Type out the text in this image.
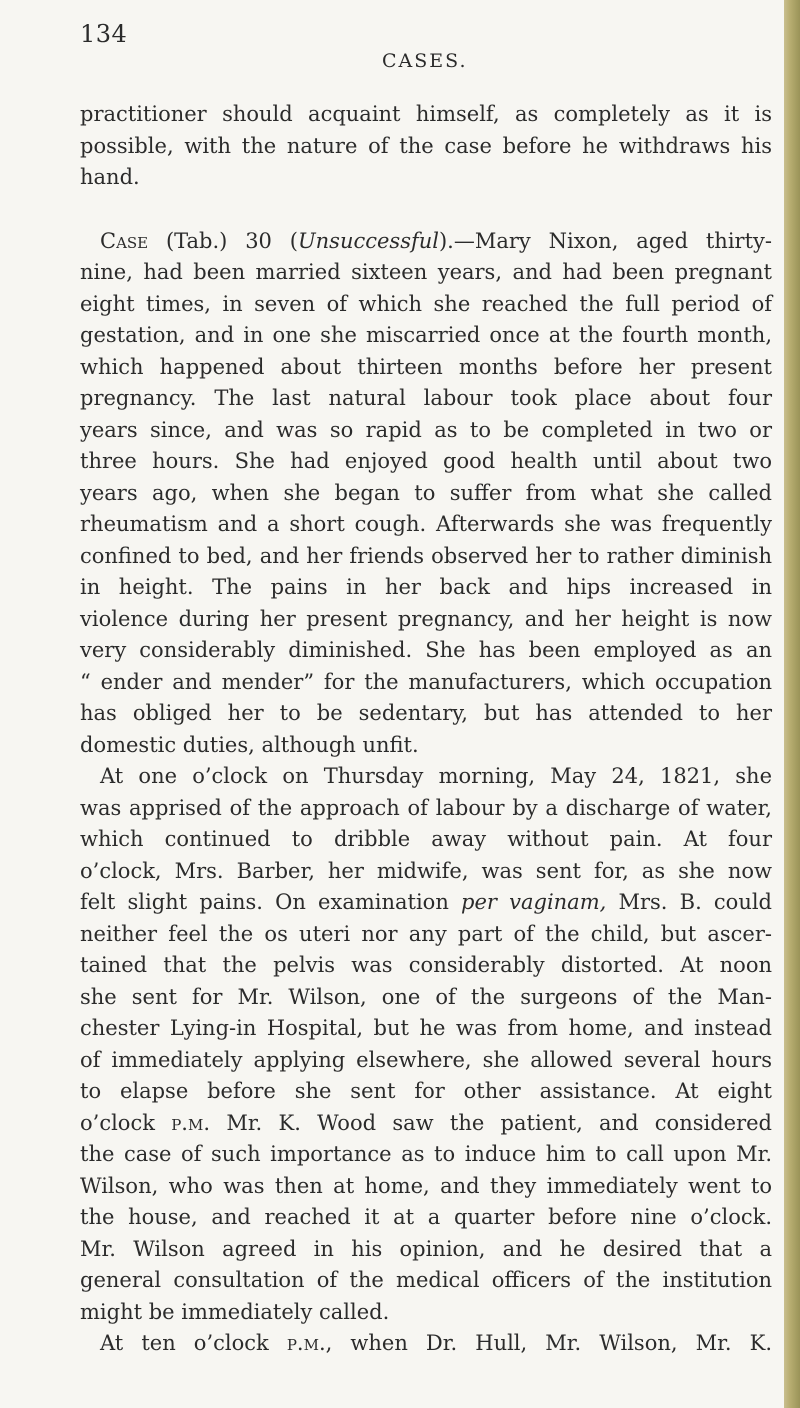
134
CASES.
practitioner should acquaint himself, as completely as it is
possible, with the nature of the case before he withdraws his
hand.
Case (Tab.) 30 (Unsuccessful).—Mary Nixon, aged thirty-
nine, had been married sixteen years, and had been pregnant
eight times, in seven of which she reached the full period of
gestation, and in one she miscarried once at the fourth month,
which happened about thirteen months before her present
pregnancy. The last natural labour took place about four
years since, and was so rapid as to be completed in two or
three hours. She had enjoyed good health until about two
years ago, when she began to suffer from what she called
rheumatism and a short cough. Afterwards she was frequently
confined to bed, and her friends observed her to rather diminish
in height. The pains in her back and hips increased in
violence during her present pregnancy, and her height is now
very considerably diminished. She has been employed as an
“ ender and mender” for the manufacturers, which occupation
has obliged her to be sedentary, but has attended to her
domestic duties, although unfit.
At one o’clock on Thursday morning, May 24, 1821, she
was apprised of the approach of labour by a discharge of water,
which continued to dribble away without pain. At four
o’clock, Mrs. Barber, her midwife, was sent for, as she now
felt slight pains. On examination per vaginam, Mrs. B. could
neither feel the os uteri nor any part of the child, but ascer-
tained that the pelvis was considerably distorted. At noon
she sent for Mr. Wilson, one of the surgeons of the Man-
chester Lying-in Hospital, but he was from home, and instead
of immediately applying elsewhere, she allowed several hours
to elapse before she sent for other assistance. At eight
o’clock p.m. Mr. K. Wood saw the patient, and considered
the case of such importance as to induce him to call upon Mr.
Wilson, who was then at home, and they immediately went to
the house, and reached it at a quarter before nine o’clock.
Mr. Wilson agreed in his opinion, and he desired that a
general consultation of the medical officers of the institution
might be immediately called.
At ten o’clock p.m., when Dr. Hull, Mr. Wilson, Mr. K.
